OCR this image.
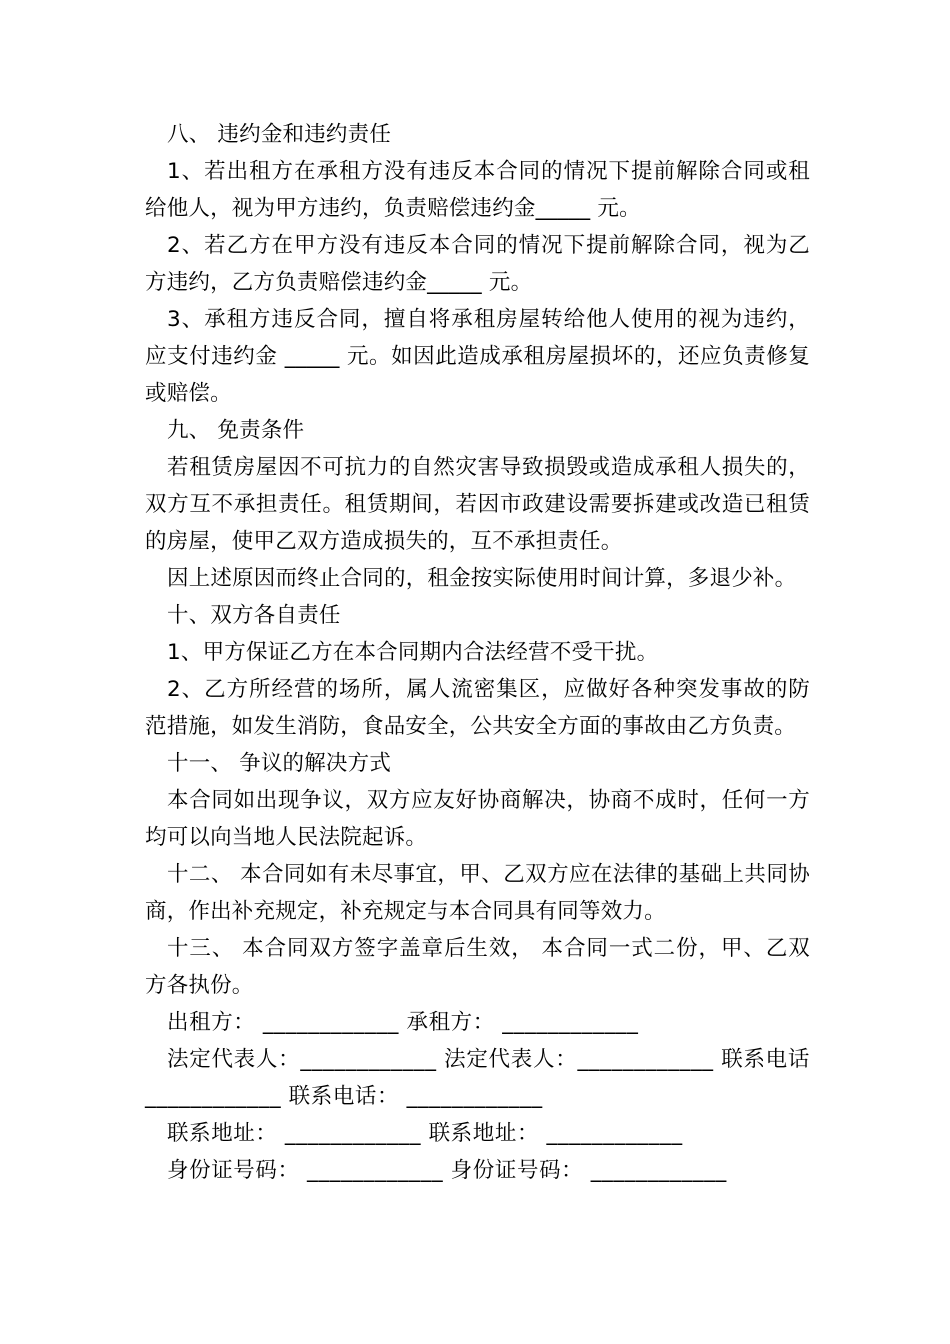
八、 违约金和违约责任

1、若出租方在承租方没有违反本合同的情况下提前解除合同或租给他人，视为甲方违约，负责赔偿违约金_____ 元。

2、若乙方在甲方没有违反本合同的情况下提前解除合同，视为乙方违约，乙方负责赔偿违约金_____ 元。

3、承租方违反合同，擅自将承租房屋转给他人使用的视为违约，应支付违约金 _____ 元。如因此造成承租房屋损坏的，还应负责修复或赔偿。

九、 免责条件

若租赁房屋因不可抗力的自然灾害导致损毁或造成承租人损失的，双方互不承担责任。租赁期间，若因市政建设需要拆建或改造已租赁的房屋，使甲乙双方造成损失的，互不承担责任。

因上述原因而终止合同的，租金按实际使用时间计算，多退少补。

十、双方各自责任

1、甲方保证乙方在本合同期内合法经营不受干扰。

2、乙方所经营的场所，属人流密集区，应做好各种突发事故的防范措施，如发生消防，食品安全，公共安全方面的事故由乙方负责。

十一、 争议的解决方式

本合同如出现争议，双方应友好协商解决，协商不成时，任何一方均可以向当地人民法院起诉。

十二、 本合同如有未尽事宜，甲、乙双方应在法律的基础上共同协商，作出补充规定，补充规定与本合同具有同等效力。

十三、 本合同双方签字盖章后生效， 本合同一式二份，甲、乙双方各执份。

出租方： ____________ 承租方： ____________

法定代表人：____________ 法定代表人：____________ 联系电话 ____________ 联系电话： ____________

联系地址： ____________ 联系地址： ____________

身份证号码： ____________ 身份证号码： ____________
